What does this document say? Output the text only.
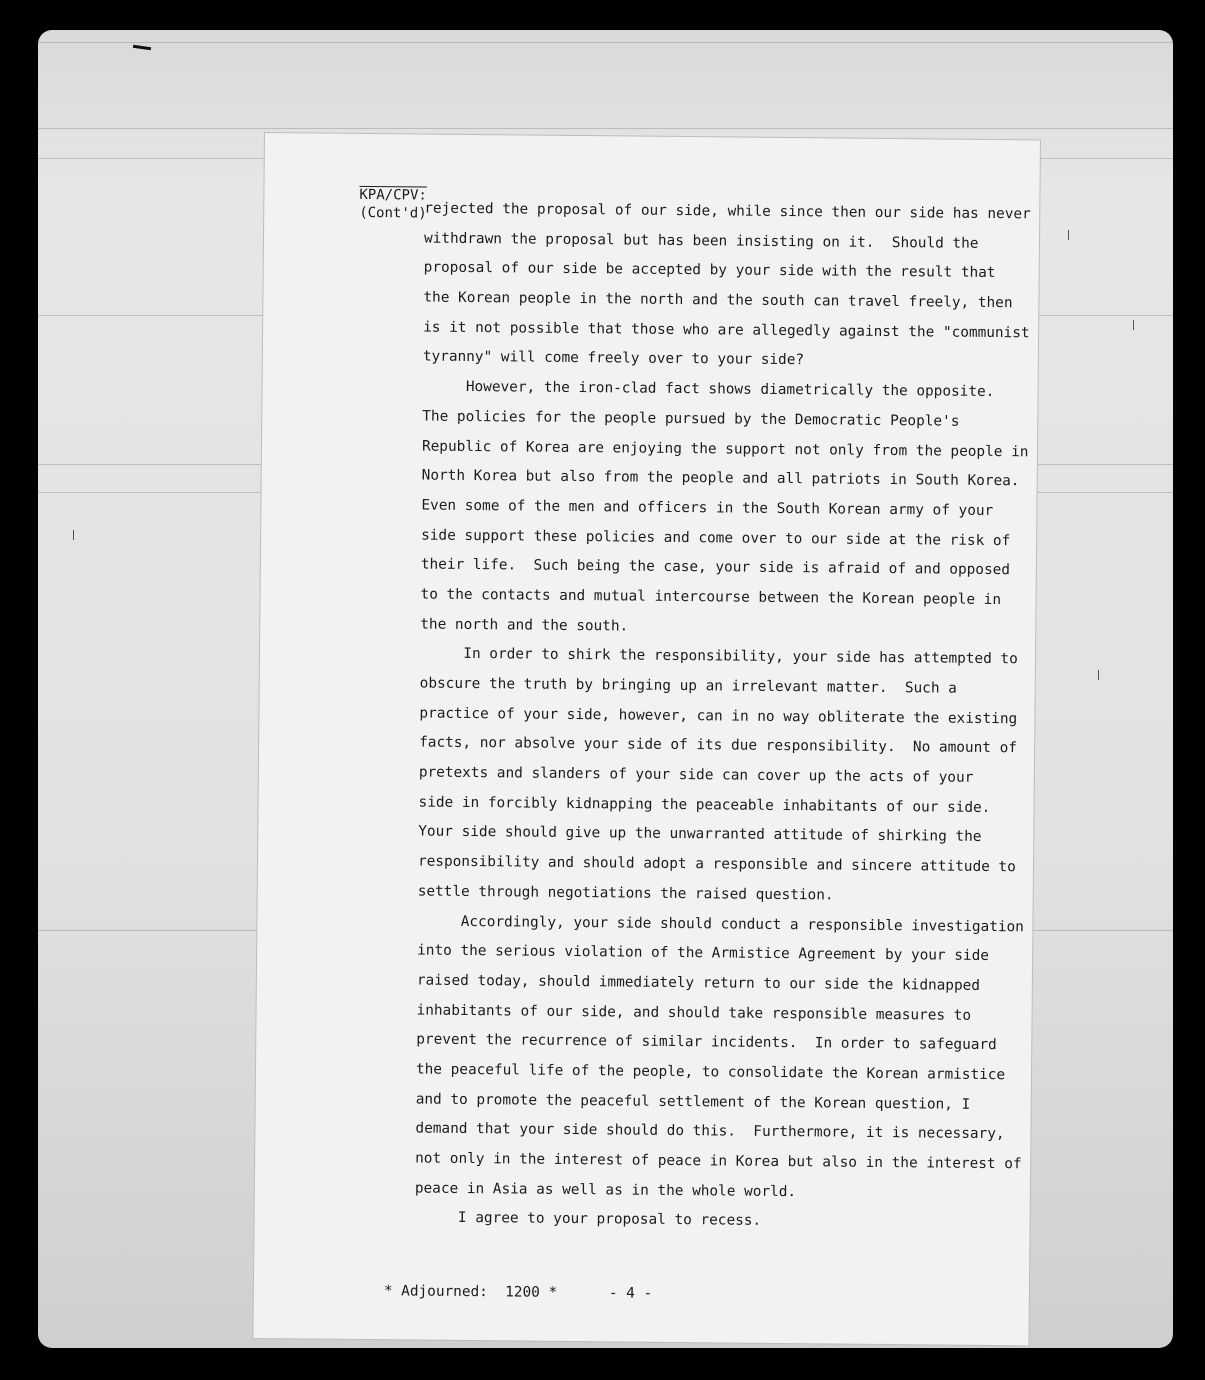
KPA/CPV:
(Cont'd)
rejected the proposal of our side, while since then our side has never
withdrawn the proposal but has been insisting on it.  Should the
proposal of our side be accepted by your side with the result that
the Korean people in the north and the south can travel freely, then
is it not possible that those who are allegedly against the "communist
tyranny" will come freely over to your side?
However, the iron-clad fact shows diametrically the opposite.
The policies for the people pursued by the Democratic People's
Republic of Korea are enjoying the support not only from the people in
North Korea but also from the people and all patriots in South Korea.
Even some of the men and officers in the South Korean army of your
side support these policies and come over to our side at the risk of
their life.  Such being the case, your side is afraid of and opposed
to the contacts and mutual intercourse between the Korean people in
the north and the south.
In order to shirk the responsibility, your side has attempted to
obscure the truth by bringing up an irrelevant matter.  Such a
practice of your side, however, can in no way obliterate the existing
facts, nor absolve your side of its due responsibility.  No amount of
pretexts and slanders of your side can cover up the acts of your
side in forcibly kidnapping the peaceable inhabitants of our side.
Your side should give up the unwarranted attitude of shirking the
responsibility and should adopt a responsible and sincere attitude to
settle through negotiations the raised question.
Accordingly, your side should conduct a responsible investigation
into the serious violation of the Armistice Agreement by your side
raised today, should immediately return to our side the kidnapped
inhabitants of our side, and should take responsible measures to
prevent the recurrence of similar incidents.  In order to safeguard
the peaceful life of the people, to consolidate the Korean armistice
and to promote the peaceful settlement of the Korean question, I
demand that your side should do this.  Furthermore, it is necessary,
not only in the interest of peace in Korea but also in the interest of
peace in Asia as well as in the whole world.
I agree to your proposal to recess.
* Adjourned:  1200 *	- 4 -
